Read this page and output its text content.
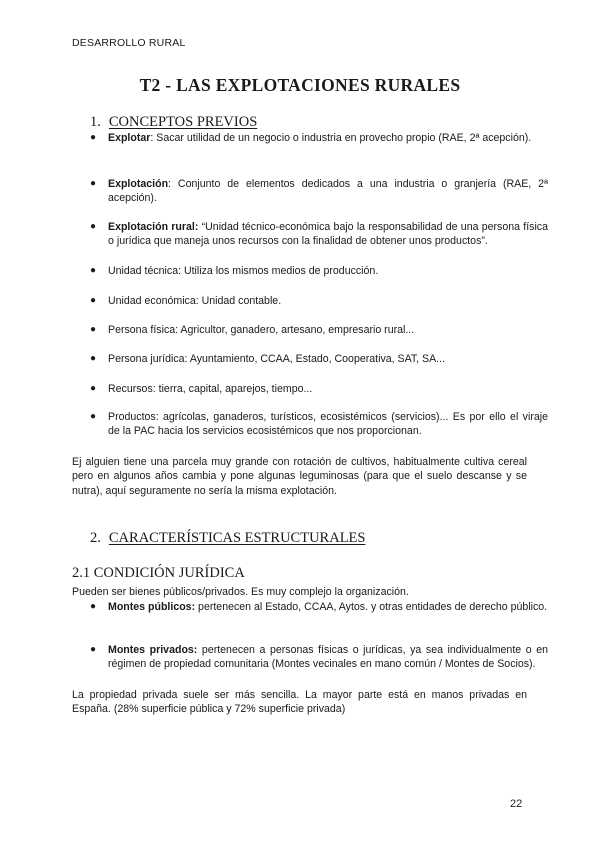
DESARROLLO RURAL
T2 - LAS EXPLOTACIONES RURALES
1. CONCEPTOS PREVIOS
● Explotar: Sacar utilidad de un negocio o industria en provecho propio (RAE, 2ª acepción).
● Explotación: Conjunto de elementos dedicados a una industria o granjería (RAE, 2ª acepción).
● Explotación rural: “Unidad técnico-económica bajo la responsabilidad de una persona física o jurídica que maneja unos recursos con la finalidad de obtener unos productos”.
● Unidad técnica: Utiliza los mismos medios de producción.
● Unidad económica: Unidad contable.
● Persona física: Agricultor, ganadero, artesano, empresario rural...
● Persona jurídica: Ayuntamiento, CCAA, Estado, Cooperativa, SAT, SA...
● Recursos: tierra, capital, aparejos, tiempo...
● Productos: agrícolas, ganaderos, turísticos, ecosistémicos (servicios)... Es por ello el viraje de la PAC hacia los servicios ecosistémicos que nos proporcionan.

Ej alguien tiene una parcela muy grande con rotación de cultivos, habitualmente cultiva cereal pero en algunos años cambia y pone algunas leguminosas (para que el suelo descanse y se nutra), aquí seguramente no sería la misma explotación.

2. CARACTERÍSTICAS ESTRUCTURALES
2.1 CONDICIÓN JURÍDICA

Pueden ser bienes públicos/privados. Es muy complejo la organización.

● Montes públicos: pertenecen al Estado, CCAA, Aytos. y otras entidades de derecho público.
● Montes privados: pertenecen a personas físicas o jurídicas, ya sea individualmente o en régimen de propiedad comunitaria (Montes vecinales en mano común / Montes de Socios).

La propiedad privada suele ser más sencilla. La mayor parte está en manos privadas en España. (28% superficie pública y 72% superficie privada)

22
